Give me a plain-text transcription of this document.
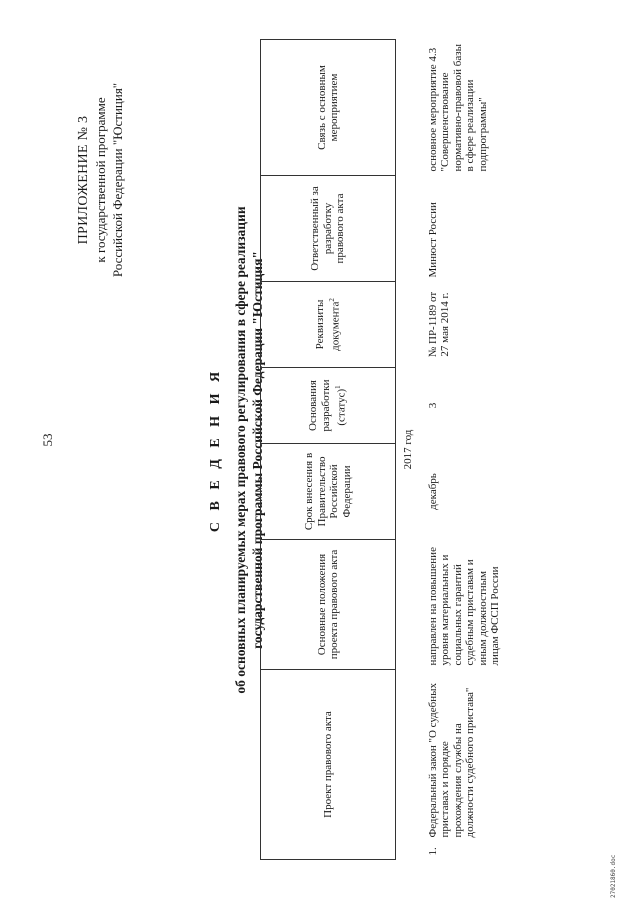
53
ПРИЛОЖЕНИЕ № 3 к государственной программе Российской Федерации "Юстиция"
С В Е Д Е Н И Я об основных планируемых мерах правового регулирования в сфере реализации государственной программы Российской Федерации "Юстиция"
Проект правового акта	Основные положения проекта правового акта	Срок внесения в Правительство Российской Федерации	Основания разработки (статус)$^1$	Реквизиты документа$^2$	Ответственный за разработку правового акта	Связь с основным мероприятием
2017 год						
1.Федеральный закон "О судебных приставах и порядке прохождения службы на должности судебного пристава"	направлен на повышение уровня материальных и социальных гарантий судебным приставам и иным должностным лицам ФССП России	декабрь	3	№ ПР-1189 от 27 мая 2014 г.	Минюст России	основное мероприятие 4.3 "Совершенствование нормативно-правовой базы в сфере реализации подпрограммы"
27021860.doc
